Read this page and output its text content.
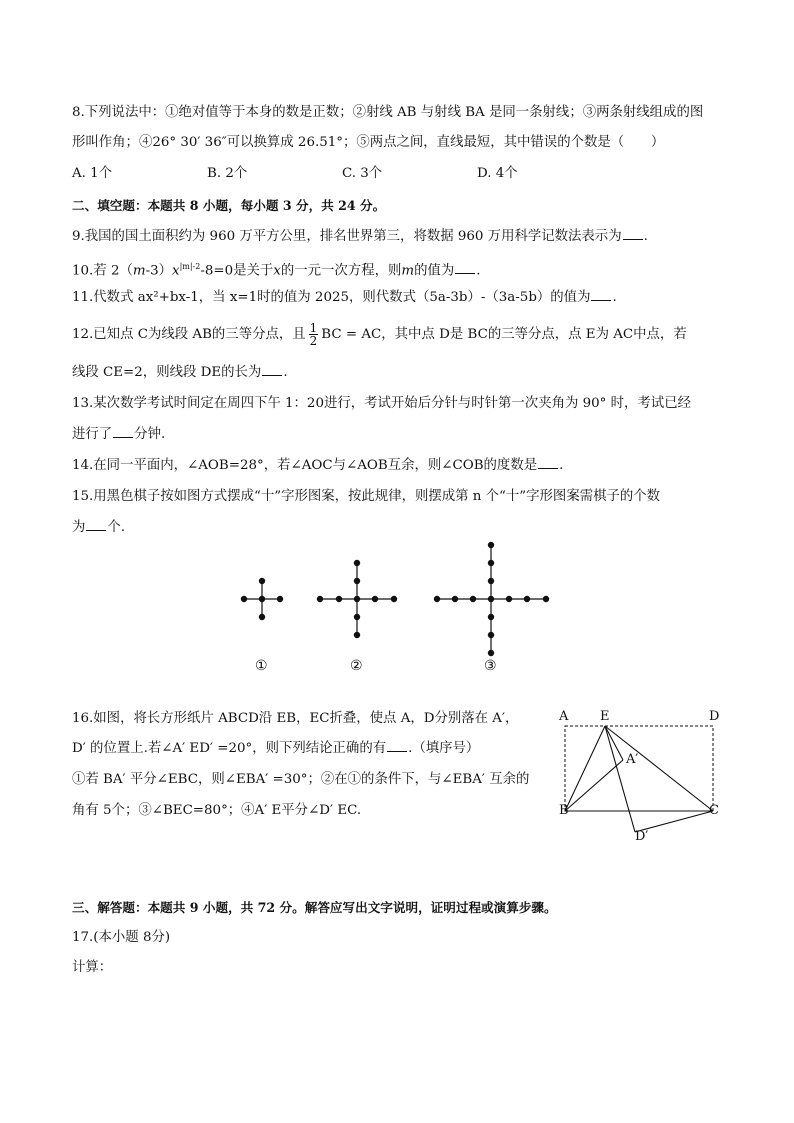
8.下列说法中：①绝对值等于本身的数是正数；②射线 AB 与射线 BA 是同一条射线；③两条射线组成的图
形叫作角；④26° 30′ 36″可以换算成 26.51°；⑤两点之间，直线最短，其中错误的个数是（　　）
A. 1个	B. 2个	C. 3个	D. 4个
二、填空题：本题共 8 小题，每小题 3 分，共 24 分。
9.我国的国土面积约为 960 万平方公里，排名世界第三，将数据 960 万用科学记数法表示为 .
10.若 $2(m-3)x^{|m|-2}-8=0$是关于x的一元一次方程，则m的值为 .
11.代数式 ax²+bx-1，当 x=1时的值为 2025，则代数式（5a-3b）-（3a-5b）的值为 .
12.已知点 C为线段 AB的三等分点，且 $\frac{1}{2}$ BC = AC，其中点 D是 BC的三等分点，点 E为 AC中点，若
线段 CE=2，则线段 DE的长为 .
13.某次数学考试时间定在周四下午 1：20进行，考试开始后分针与时针第一次夹角为 90° 时，考试已经
进行了 分钟.
14.在同一平面内，∠AOB=28°，若∠AOC与∠AOB互余，则∠COB的度数是 .
15.用黑色棋子按如图方式摆成“十”字形图案，按此规律，则摆成第 n 个“十”字形图案需棋子的个数
为 个.
①	②	③
16.如图，将长方形纸片 ABCD沿 EB，EC折叠，使点 A，D分别落在 A′，
D′ 的位置上.若∠A′ ED′ =20°，则下列结论正确的有 .（填序号）
①若 BA′ 平分∠EBC，则∠EBA′ =30°；②在①的条件下，与∠EBA′ 互余的
角有 5个；③∠BEC=80°；④A′ E平分∠D′ EC.
A E	D
A′
B	C
D′
三、解答题：本题共 9 小题，共 72 分。解答应写出文字说明，证明过程或演算步骤。
17.(本小题 8分)
计算：
